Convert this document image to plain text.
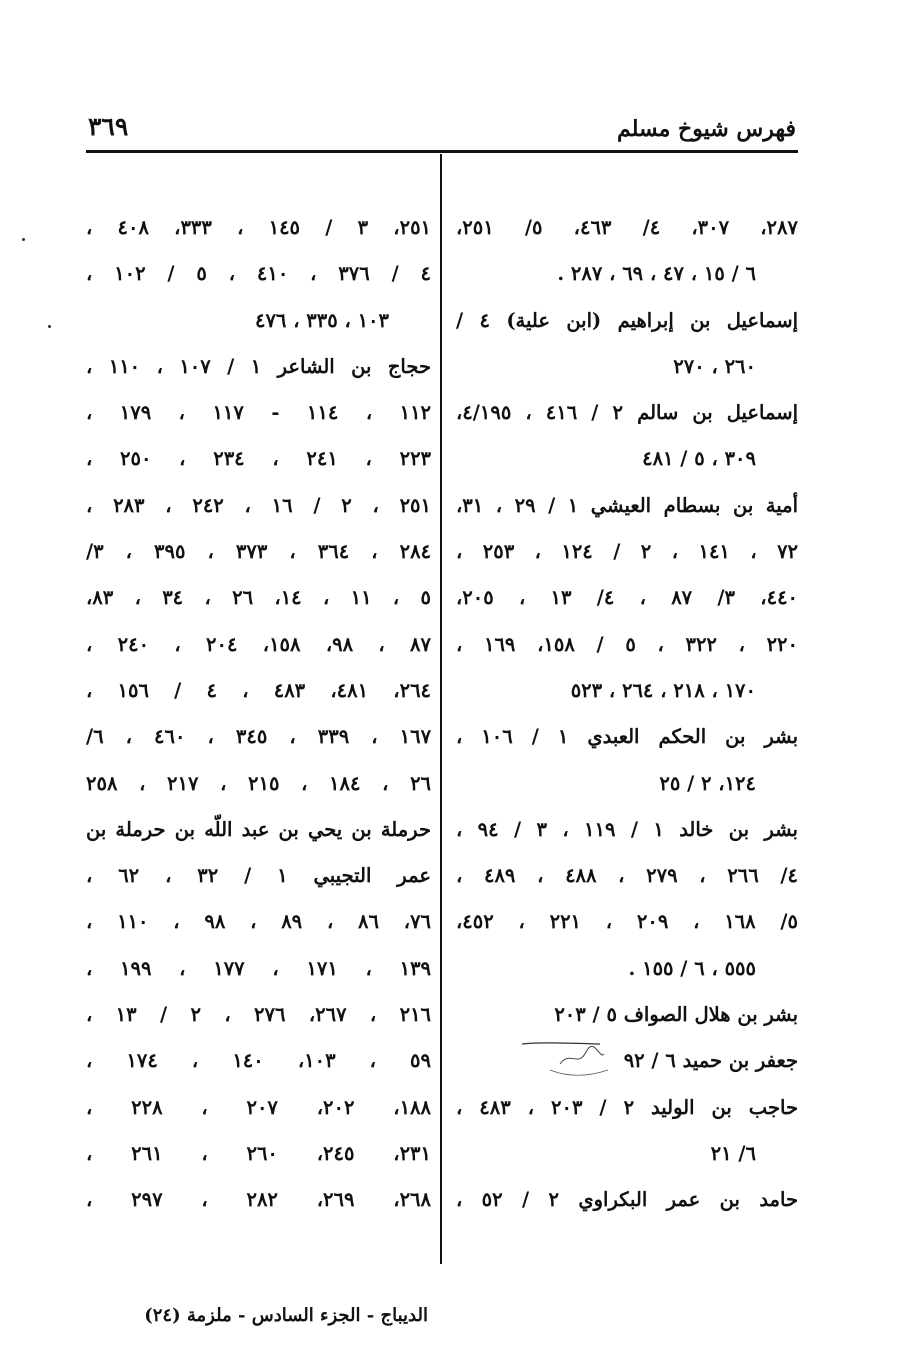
فهرس شيوخ مسلم
٣٦٩
٢٨٧، ٣٠٧، ٤/ ٤٦٣، ٥/ ٢٥١،
٦ / ١٥ ، ٤٧ ، ٦٩ ، ٢٨٧ .
إسماعيل بن إبراهيم (ابن علية) ٤ /
٢٦٠ ، ٢٧٠
إسماعيل بن سالم ٢ / ٤١٦ ، ٤/١٩٥،
٣٠٩ ، ٥ / ٤٨١
أمية بن بسطام العيشي ١ / ٢٩ ، ٣١،
٧٢ ، ١٤١ ، ٢ / ١٢٤ ، ٢٥٣ ،
٤٤٠، ٣/ ٨٧ ، ٤/ ١٣ ، ٢٠٥،
٢٢٠ ، ٣٢٢ ، ٥ / ١٥٨، ١٦٩ ،
١٧٠ ، ٢١٨ ، ٢٦٤ ، ٥٢٣
بشر بن الحكم العبدي ١ / ١٠٦ ،
١٢٤، ٢ / ٢٥
بشر بن خالد ١ / ١١٩ ، ٣ / ٩٤ ،
٤/ ٢٦٦ ، ٢٧٩ ، ٤٨٨ ، ٤٨٩ ،
٥/ ١٦٨ ، ٢٠٩ ، ٢٢١ ، ٤٥٢،
٥٥٥ ، ٦ / ١٥٥ .
بشر بن هلال الصواف ٥ / ٢٠٣
جعفر بن حميد ٦ / ٩٢
حاجب بن الوليد ٢ / ٢٠٣ ، ٤٨٣ ،
٦/ ٢١
حامد بن عمر البكراوي ٢ / ٥٢ ،
٢٥١، ٣ / ١٤٥ ، ٣٣٣، ٤٠٨ ،
٤ / ٣٧٦ ، ٤١٠ ، ٥ / ١٠٢ ،
١٠٣ ، ٣٣٥ ، ٤٧٦
حجاج بن الشاعر ١ / ١٠٧ ، ١١٠ ،
١١٢ ، ١١٤ - ١١٧ ، ١٧٩ ،
٢٢٣ ، ٢٤١ ، ٢٣٤ ، ٢٥٠ ،
٢٥١ ، ٢ / ١٦ ، ٢٤٢ ، ٢٨٣ ،
٢٨٤ ، ٣٦٤ ، ٣٧٣ ، ٣٩٥ ، ٣/
٥ ، ١١ ، ١٤، ٢٦ ، ٣٤ ، ٨٣،
٨٧ ، ٩٨، ١٥٨، ٢٠٤ ، ٢٤٠ ،
٢٦٤، ٤٨١، ٤٨٣ ، ٤ / ١٥٦ ،
١٦٧ ، ٣٣٩ ، ٣٤٥ ، ٤٦٠ ، ٦/
٢٦ ، ١٨٤ ، ٢١٥ ، ٢١٧ ، ٢٥٨
حرملة بن يحي بن عبد اللّه بن حرملة بن
عمر التجيبي ١ / ٣٢ ، ٦٢ ،
٧٦، ٨٦ ، ٨٩ ، ٩٨ ، ١١٠ ،
١٣٩ ، ١٧١ ، ١٧٧ ، ١٩٩ ،
٢١٦ ، ٢٦٧، ٢٧٦ ، ٢ / ١٣ ،
٥٩ ، ١٠٣، ١٤٠ ، ١٧٤ ،
١٨٨، ٢٠٢، ٢٠٧ ، ٢٢٨ ،
٢٣١، ٢٤٥، ٢٦٠ ، ٢٦١ ،
٢٦٨، ٢٦٩، ٢٨٢ ، ٢٩٧ ،
الديباج - الجزء السادس - ملزمة (٢٤)
